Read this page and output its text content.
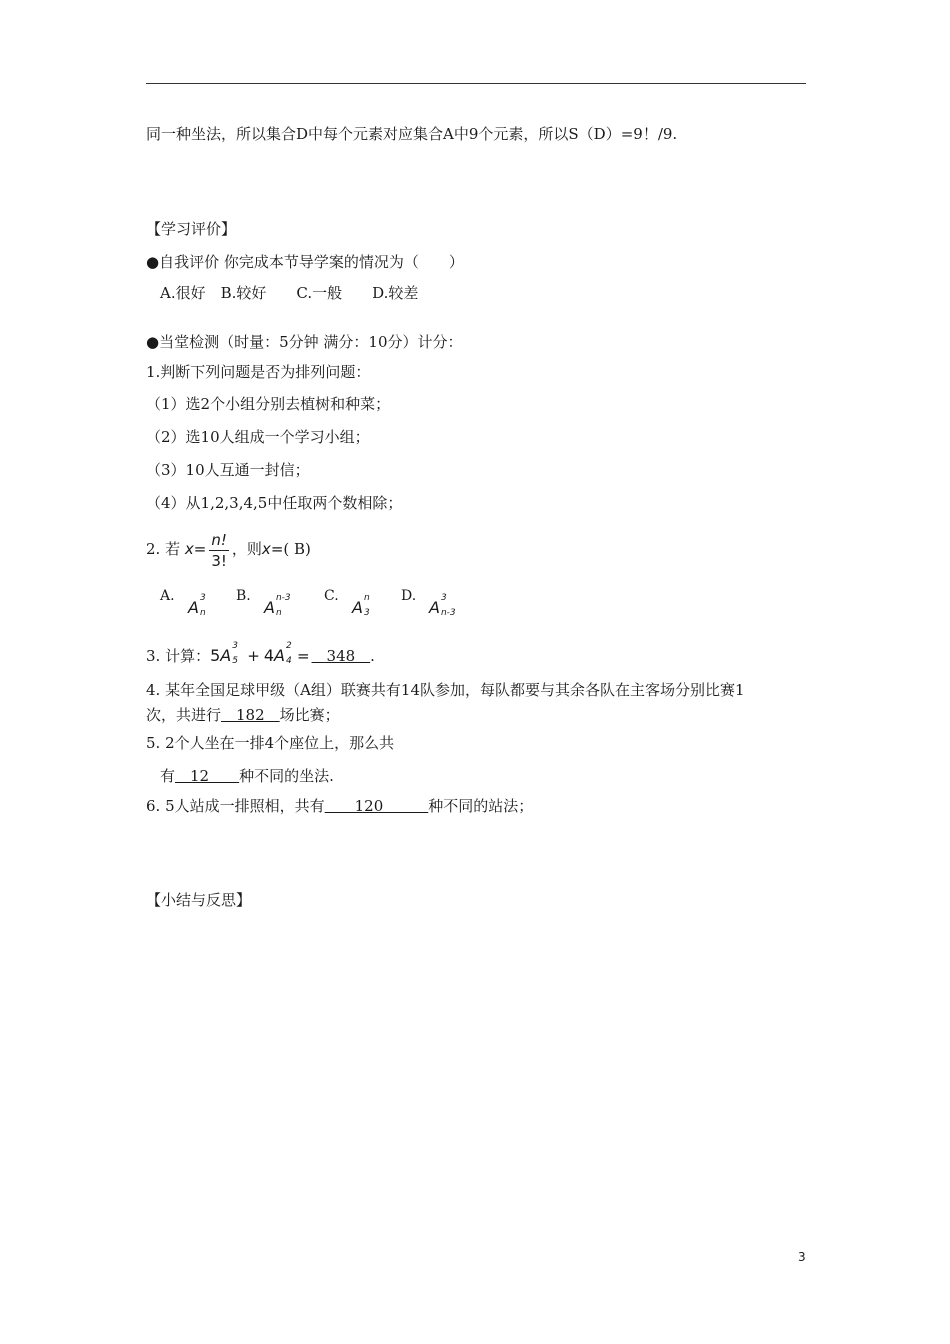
同一种坐法，所以集合D中每个元素对应集合A中9个元素，所以S（D）=9！/9.
【学习评价】
●自我评价 你完成本节导学案的情况为（　　）
A.很好　B.较好　　C.一般　　D.较差
●当堂检测（时量：5分钟 满分：10分）计分：
1.判断下列问题是否为排列问题：
（1）选2个小组分别去植树和种菜；
（2）选10人组成一个学习小组；
（3）10人互通一封信；
（4）从1,2,3,4,5中任取两个数相除；
2. 若 $x= \frac{n!}{3!}$ ，则x=( B)
A.
A 3
n
B.
A n-3
n
C.
A n
3
D.
A 3
n-3
3. 计算：5A 3
5 + 4A 2
4 =　348　.
4. 某年全国足球甲级（A组）联赛共有14队参加，每队都要与其余各队在主客场分别比赛1
次，共进行　182　场比赛；
5. 2个人坐在一排4个座位上，那么共
有　12　　种不同的坐法.
6. 5人站成一排照相，共有　　120　　　种不同的站法；
【小结与反思】
3
